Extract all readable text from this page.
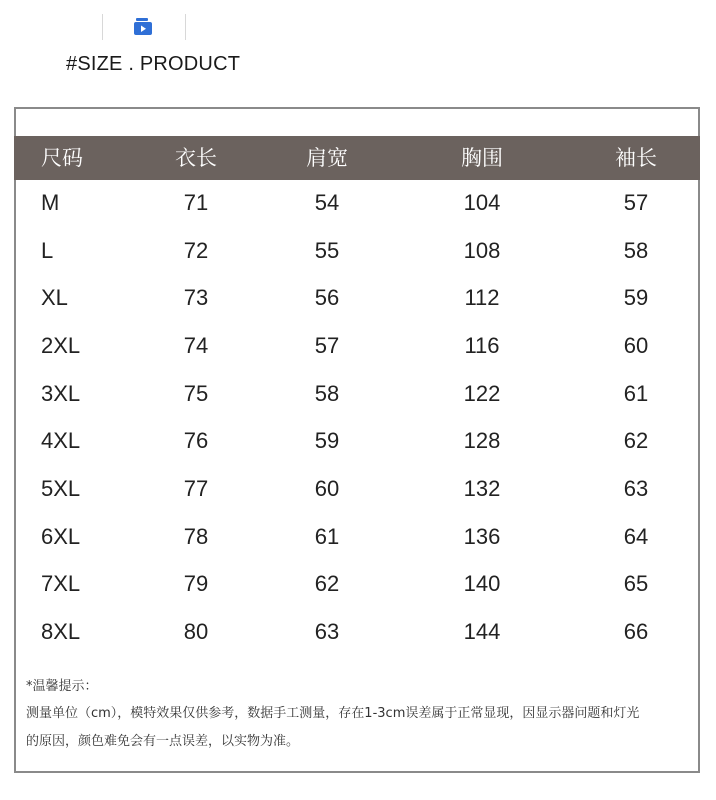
#SIZE . PRODUCT
尺码	衣长	肩宽	胸围	袖长
M	71	54	104	57
L	72	55	108	58
XL	73	56	112	59
2XL	74	57	116	60
3XL	75	58	122	61
4XL	76	59	128	62
5XL	77	60	132	63
6XL	78	61	136	64
7XL	79	62	140	65
8XL	80	63	144	66
*温馨提示：
测量单位（cm），模特效果仅供参考，数据手工测量，存在1-3cm误差属于正常显现，因显示器问题和灯光
的原因，颜色难免会有一点误差，以实物为准。
